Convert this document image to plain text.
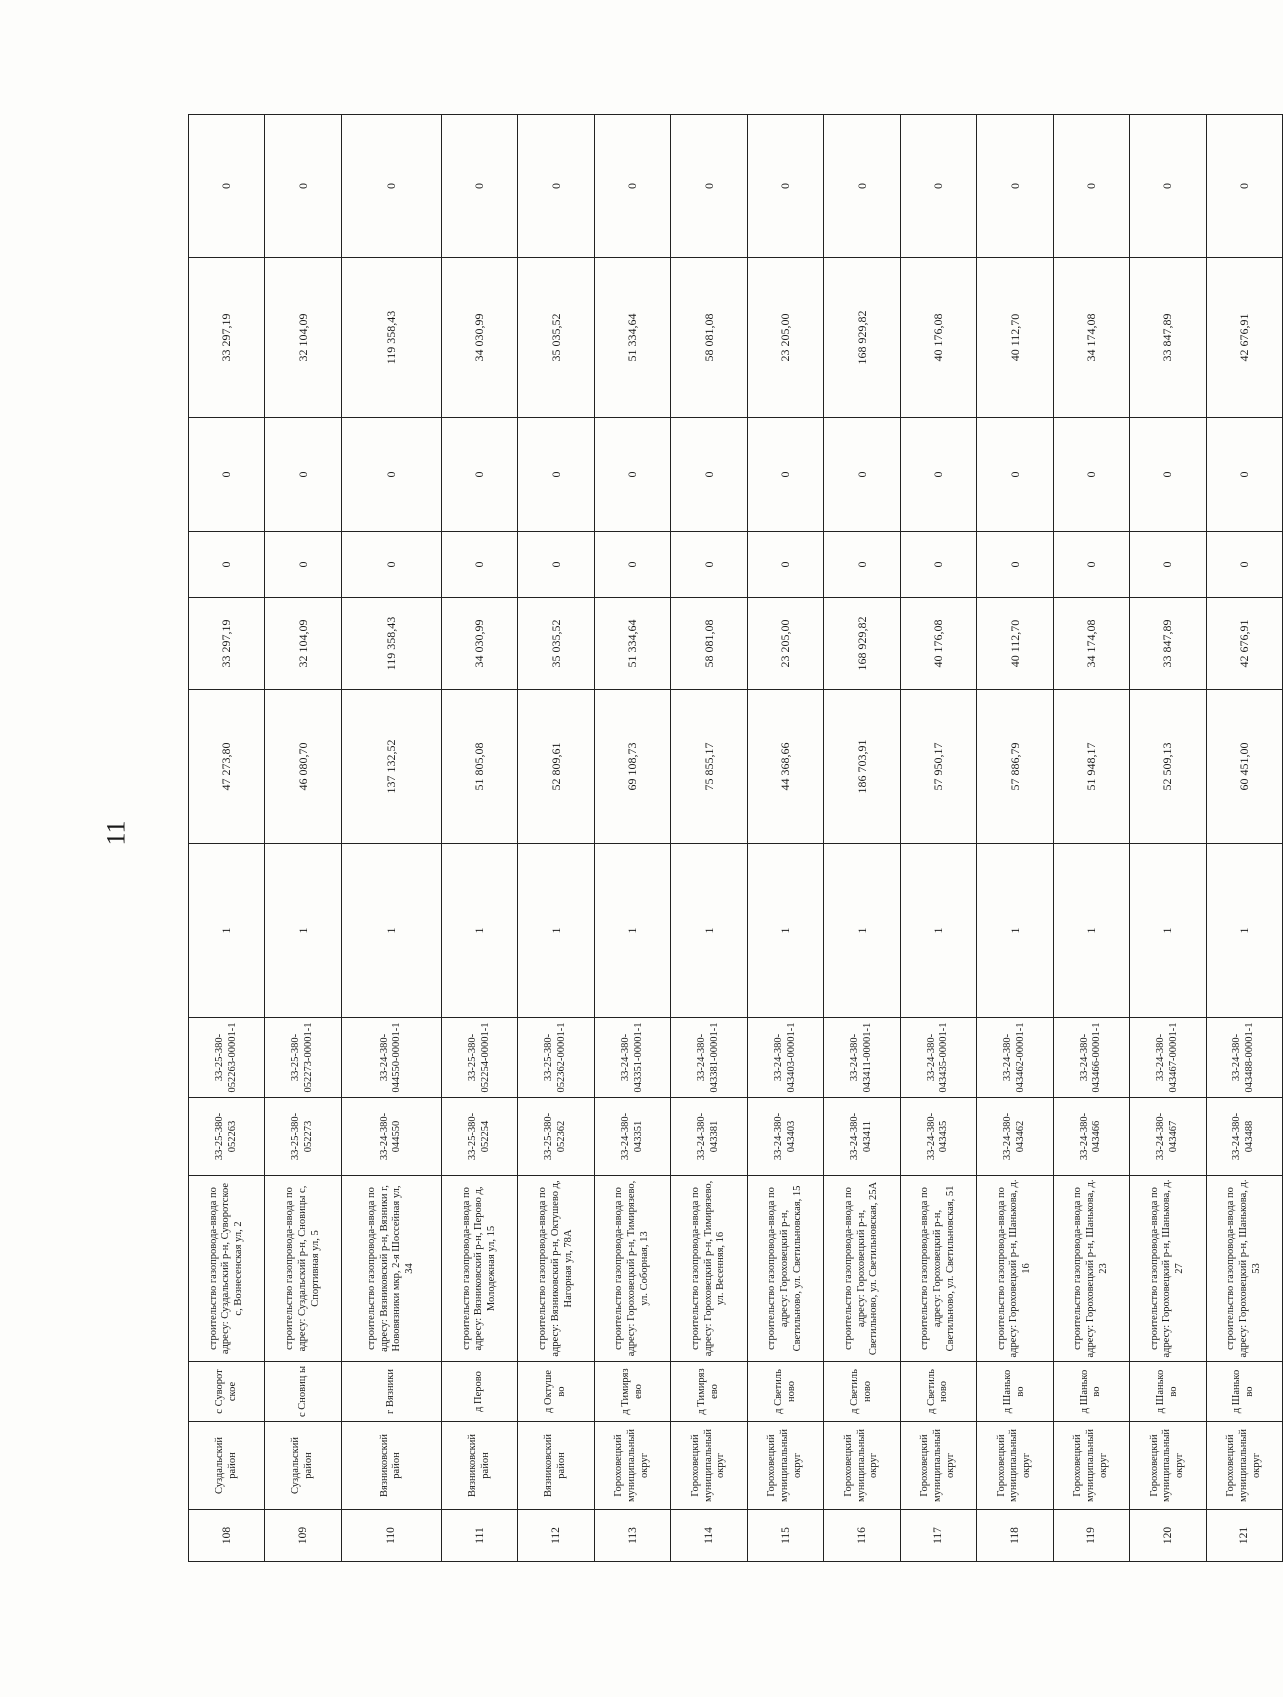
11
108	Суздальский район	с Суворот ское	строительство газопровода-ввода по адресу: Суздальский р-н, Суворотское с, Вознесенская ул, 2	33-25-380-052263	33-25-380-052263-00001-1	1	47 273,80	33 297,19	0	0	33 297,19	0
109	Суздальский район	с Сновиц ы	строительство газопровода-ввода по адресу: Суздальский р-н, Сновицы с, Спортивная ул, 5	33-25-380-052273	33-25-380-052273-00001-1	1	46 080,70	32 104,09	0	0	32 104,09	0
110	Вязниковский район	г Вязники	строительство газопровода-ввода по адресу: Вязниковский р-н, Вязники г, Нововязники мкр, 2-я Шоссейная ул, 34	33-24-380-044550	33-24-380-044550-00001-1	1	137 132,52	119 358,43	0	0	119 358,43	0
111	Вязниковский район	д Перово	строительство газопровода-ввода по адресу: Вязниковский р-н, Перово д, Молодежная ул, 15	33-25-380-052254	33-25-380-052254-00001-1	1	51 805,08	34 030,99	0	0	34 030,99	0
112	Вязниковский район	д Октуше во	строительство газопровода-ввода по адресу: Вязниковский р-н, Октушево д, Нагорная ул, 78А	33-25-380-052362	33-25-380-052362-00001-1	1	52 809,61	35 035,52	0	0	35 035,52	0
113	Гороховецкий муниципальный округ	д Тимиряз ево	строительство газопровода-ввода по адресу: Гороховецкий р-н, Тимирязево, ул. Соборная, 13	33-24-380-043351	33-24-380-043351-00001-1	1	69 108,73	51 334,64	0	0	51 334,64	0
114	Гороховецкий муниципальный округ	д Тимиряз ево	строительство газопровода-ввода по адресу: Гороховецкий р-н, Тимирязево, ул. Весенняя, 16	33-24-380-043381	33-24-380-043381-00001-1	1	75 855,17	58 081,08	0	0	58 081,08	0
115	Гороховецкий муниципальный округ	д Светиль ново	строительство газопровода-ввода по адресу: Гороховецкий р-н, Светильново, ул. Светильновская, 15	33-24-380-043403	33-24-380-043403-00001-1	1	44 368,66	23 205,00	0	0	23 205,00	0
116	Гороховецкий муниципальный округ	д Светиль ново	строительство газопровода-ввода по адресу: Гороховецкий р-н, Светильново, ул. Светильновская, 25А	33-24-380-043411	33-24-380-043411-00001-1	1	186 703,91	168 929,82	0	0	168 929,82	0
117	Гороховецкий муниципальный округ	д Светиль ново	строительство газопровода-ввода по адресу: Гороховецкий р-н, Светильново, ул. Светильновская, 51	33-24-380-043435	33-24-380-043435-00001-1	1	57 950,17	40 176,08	0	0	40 176,08	0
118	Гороховецкий муниципальный округ	д Шанько во	строительство газопровода-ввода по адресу: Гороховецкий р-н, Шанькова, д. 16	33-24-380-043462	33-24-380-043462-00001-1	1	57 886,79	40 112,70	0	0	40 112,70	0
119	Гороховецкий муниципальный округ	д Шанько во	строительство газопровода-ввода по адресу: Гороховецкий р-н, Шанькова, д. 23	33-24-380-043466	33-24-380-043466-00001-1	1	51 948,17	34 174,08	0	0	34 174,08	0
120	Гороховецкий муниципальный округ	д Шанько во	строительство газопровода-ввода по адресу: Гороховецкий р-н, Шанькова, д. 27	33-24-380-043467	33-24-380-043467-00001-1	1	52 509,13	33 847,89	0	0	33 847,89	0
121	Гороховецкий муниципальный округ	д Шанько во	строительство газопровода-ввода по адресу: Гороховецкий р-н, Шанькова, д. 53	33-24-380-043488	33-24-380-043488-00001-1	1	60 451,00	42 676,91	0	0	42 676,91	0
